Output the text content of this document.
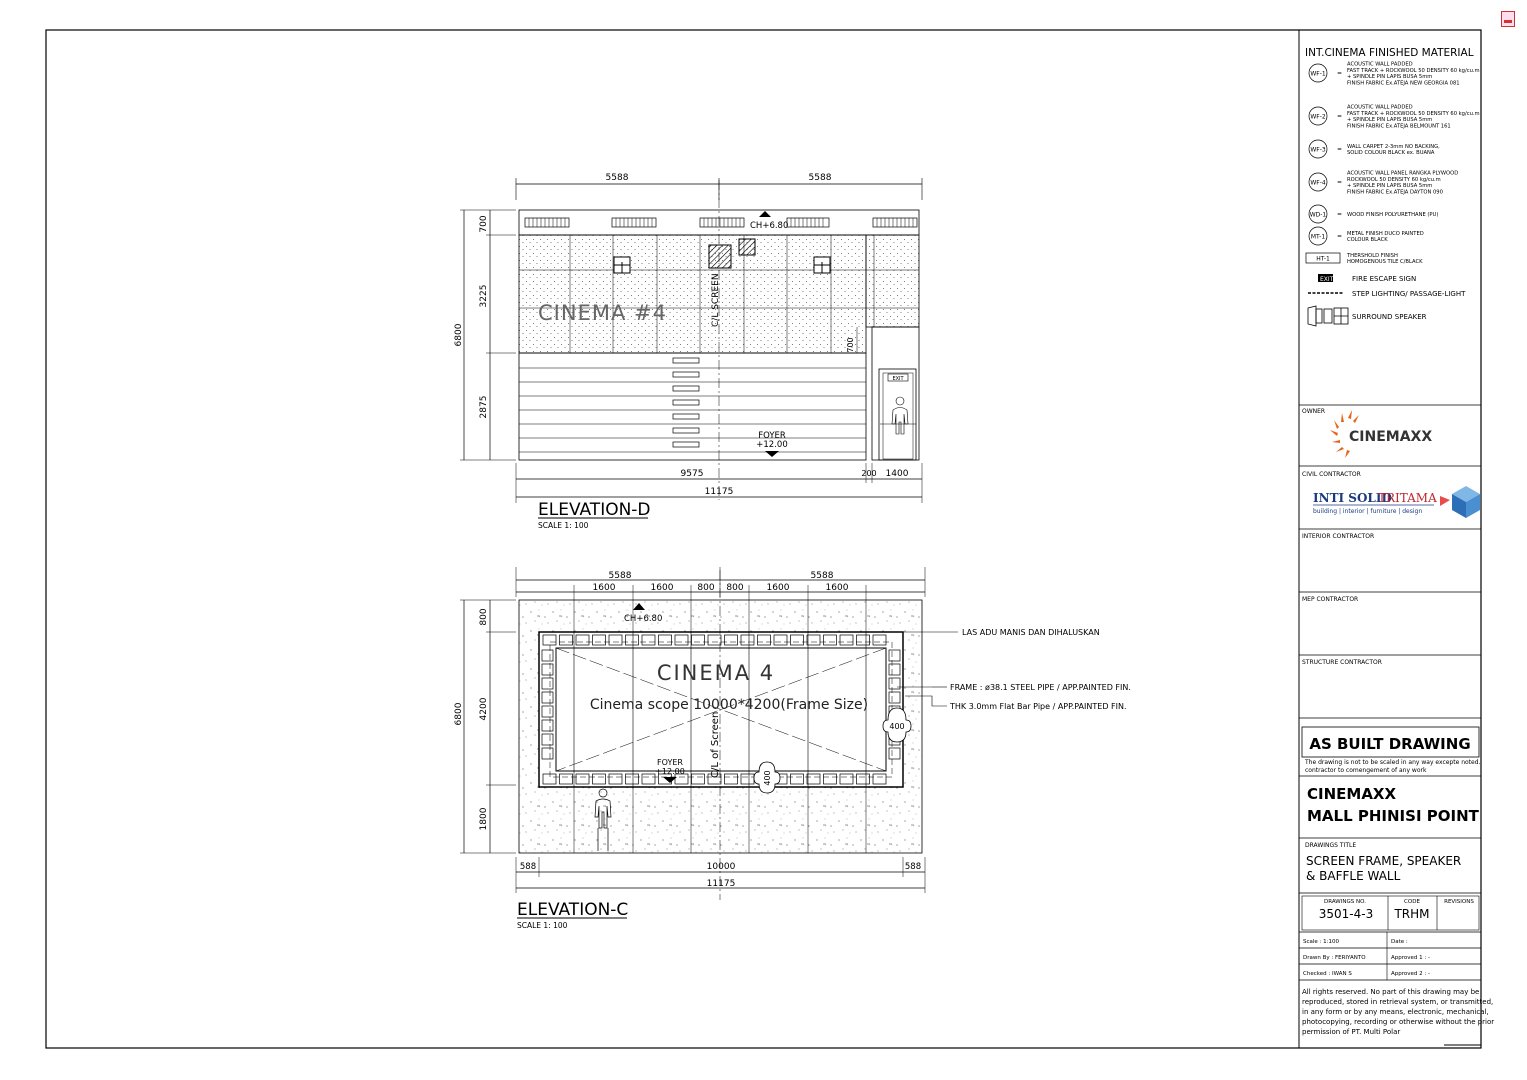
5588	5588
6800
700
3225
2875
CH+6.80
CINEMA #4	C/L SCREEN
FOYER
+12.00
700
EXIT
9575	200 1400
11175
ELEVATION-D
SCALE 1: 100
5588	5588
1600	1600	800 800	1600	1600
6800
800
4200
1800
CH+6.80
CINEMA 4
Cinema scope 10000*4200(Frame Size)
C/L of Screen
FOYER
+12.00
400
400
LAS ADU MANIS DAN DIHALUSKAN
FRAME : ø38.1 STEEL PIPE / APP.PAINTED FIN.
THK 3.0mm Flat Bar Pipe / APP.PAINTED FIN.
588	10000	588
11175
ELEVATION-C
SCALE 1: 100
INT.CINEMA FINISHED MATERIAL
WF-1 =
ACOUSTIC WALL PADDED
FAST TRACK + ROCKWOOL 50 DENSITY 60 kg/cu.m
+ SPINDLE PIN LAPIS BUSA 5mm
FINISH FABRIC Ex.ATEJA NEW GEORGIA 081
WF-2 =
ACOUSTIC WALL PADDED
FAST TRACK + ROCKWOOL 50 DENSITY 60 kg/cu.m
+ SPINDLE PIN LAPIS BUSA 5mm
FINISH FABRIC Ex.ATEJA BELMOUNT 161
WF-3 = WALL CARPET 2-3mm NO BACKING,
SOLID COLOUR BLACK ex. BUANA
WF-4 =
ACOUSTIC WALL PANEL RANGKA PLYWOOD
ROCKWOOL 50 DENSITY 60 kg/cu.m
+ SPINDLE PIN LAPIS BUSA 5mm
FINISH FABRIC Ex.ATEJA DAYTON 090
WD-1 = WOOD FINISH POLYURETHANE (PU)
MT-1 = METAL FINISH DUCO PAINTED
COLOUR BLACK
HT-1	THERSHOLD FINISH
HOMOGENOUS TILE C/BLACK
EXIT	FIRE ESCAPE SIGN
STEP LIGHTING/ PASSAGE-LIGHT
SURROUND SPEAKER
OWNER
CINEMAXX
CIVIL CONTRACTOR
INTI SOLID
TRITAMA
building | interior | furniture | design
INTERIOR CONTRACTOR
MEP CONTRACTOR
STRUCTURE CONTRACTOR
AS BUILT DRAWING
The drawing is not to be scaled in any way excepte noted.
contractor to comengement of any work
CINEMAXX
MALL PHINISI POINT
DRAWINGS TITLE
SCREEN FRAME, SPEAKER
& BAFFLE WALL
DRAWINGS NO.
3501-4-3
CODE
TRHM
REVISIONS
Scale : 1:100	Date :
Drawn By : FERIYANTO	Approved 1 : -
Checked : IWAN S	Approved 2 : -
All rights reserved. No part of this drawing may be
reproduced, stored in retrieval system, or transmitted,
in any form or by any means, electronic, mechanical,
photocopying, recording or otherwise without the prior
permission of PT. Multi Polar
